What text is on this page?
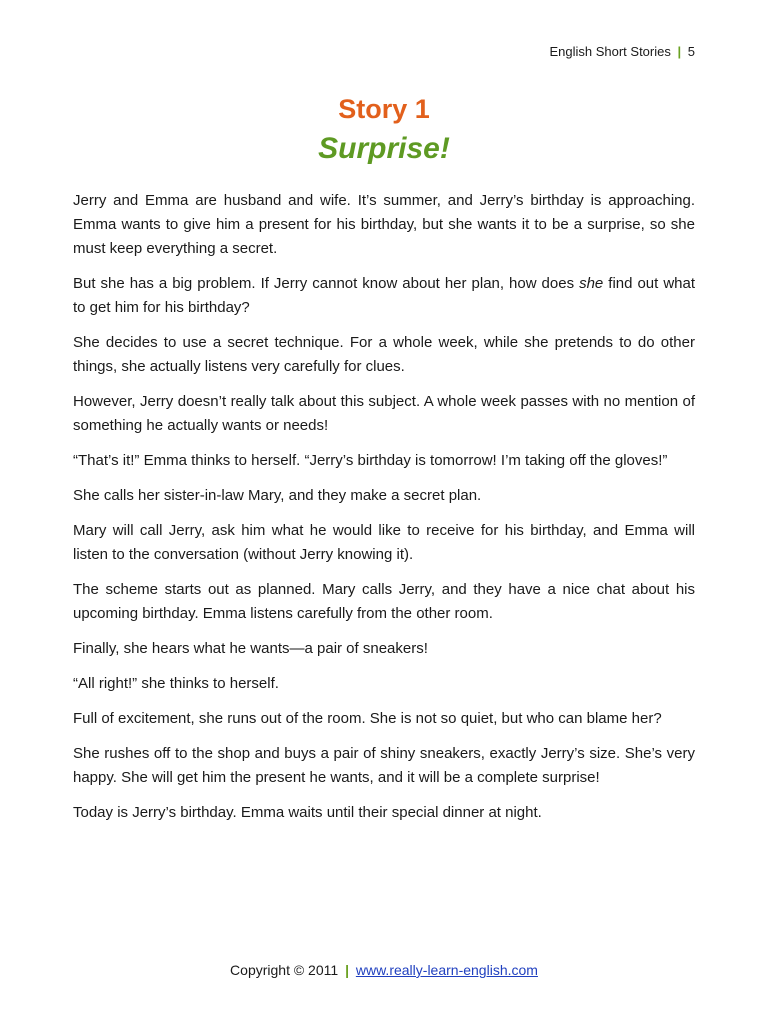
English Short Stories | 5
Story 1
Surprise!

Jerry and Emma are husband and wife. It’s summer, and Jerry’s birthday is approaching. Emma wants to give him a present for his birthday, but she wants it to be a surprise, so she must keep everything a secret.

But she has a big problem. If Jerry cannot know about her plan, how does she find out what to get him for his birthday?

She decides to use a secret technique. For a whole week, while she pretends to do other things, she actually listens very carefully for clues.

However, Jerry doesn’t really talk about this subject. A whole week passes with no mention of something he actually wants or needs!

“That’s it!” Emma thinks to herself. “Jerry’s birthday is tomorrow! I’m taking off the gloves!”

She calls her sister-in-law Mary, and they make a secret plan.

Mary will call Jerry, ask him what he would like to receive for his birthday, and Emma will listen to the conversation (without Jerry knowing it).

The scheme starts out as planned. Mary calls Jerry, and they have a nice chat about his upcoming birthday. Emma listens carefully from the other room.

Finally, she hears what he wants—a pair of sneakers!

“All right!” she thinks to herself.

Full of excitement, she runs out of the room. She is not so quiet, but who can blame her?

She rushes off to the shop and buys a pair of shiny sneakers, exactly Jerry’s size. She’s very happy. She will get him the present he wants, and it will be a complete surprise!

Today is Jerry’s birthday. Emma waits until their special dinner at night.

Copyright © 2011 | www.really-learn-english.com
